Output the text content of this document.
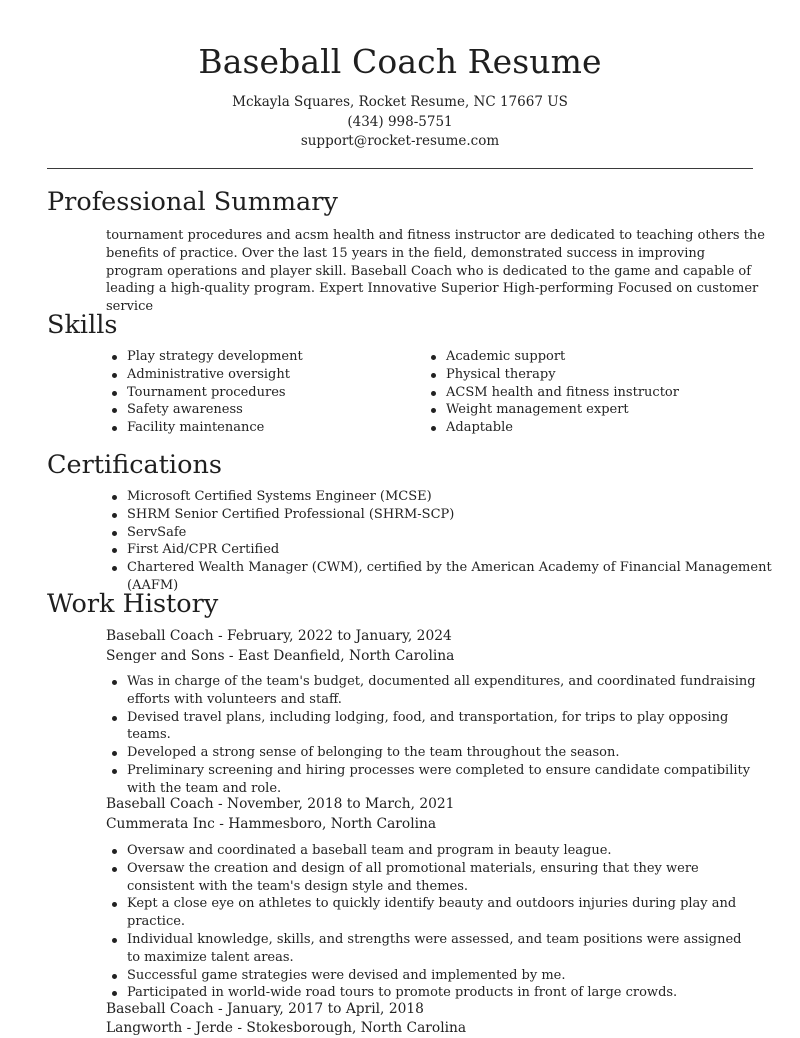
Baseball Coach Resume
Mckayla Squares, Rocket Resume, NC 17667 US
(434) 998-5751
support@rocket-resume.com
Professional Summary
tournament procedures and acsm health and fitness instructor are dedicated to teaching others the benefits of practice. Over the last 15 years in the field, demonstrated success in improving program operations and player skill. Baseball Coach who is dedicated to the game and capable of leading a high-quality program. Expert Innovative Superior High-performing Focused on customer service
Skills
Play strategy development
Administrative oversight
Tournament procedures
Safety awareness
Facility maintenance
Academic support
Physical therapy
ACSM health and fitness instructor
Weight management expert
Adaptable
Certifications
Microsoft Certified Systems Engineer (MCSE)
SHRM Senior Certified Professional (SHRM-SCP)
ServSafe
First Aid/CPR Certified
Chartered Wealth Manager (CWM), certified by the American Academy of Financial Management (AAFM)
Work History
Baseball Coach - February, 2022 to January, 2024
Senger and Sons - East Deanfield, North Carolina
Was in charge of the team's budget, documented all expenditures, and coordinated fundraising efforts with volunteers and staff.
Devised travel plans, including lodging, food, and transportation, for trips to play opposing teams.
Developed a strong sense of belonging to the team throughout the season.
Preliminary screening and hiring processes were completed to ensure candidate compatibility with the team and role.
Baseball Coach - November, 2018 to March, 2021
Cummerata Inc - Hammesboro, North Carolina
Oversaw and coordinated a baseball team and program in beauty league.
Oversaw the creation and design of all promotional materials, ensuring that they were consistent with the team's design style and themes.
Kept a close eye on athletes to quickly identify beauty and outdoors injuries during play and practice.
Individual knowledge, skills, and strengths were assessed, and team positions were assigned to maximize talent areas.
Successful game strategies were devised and implemented by me.
Participated in world-wide road tours to promote products in front of large crowds.
Baseball Coach - January, 2017 to April, 2018
Langworth - Jerde - Stokesborough, North Carolina
